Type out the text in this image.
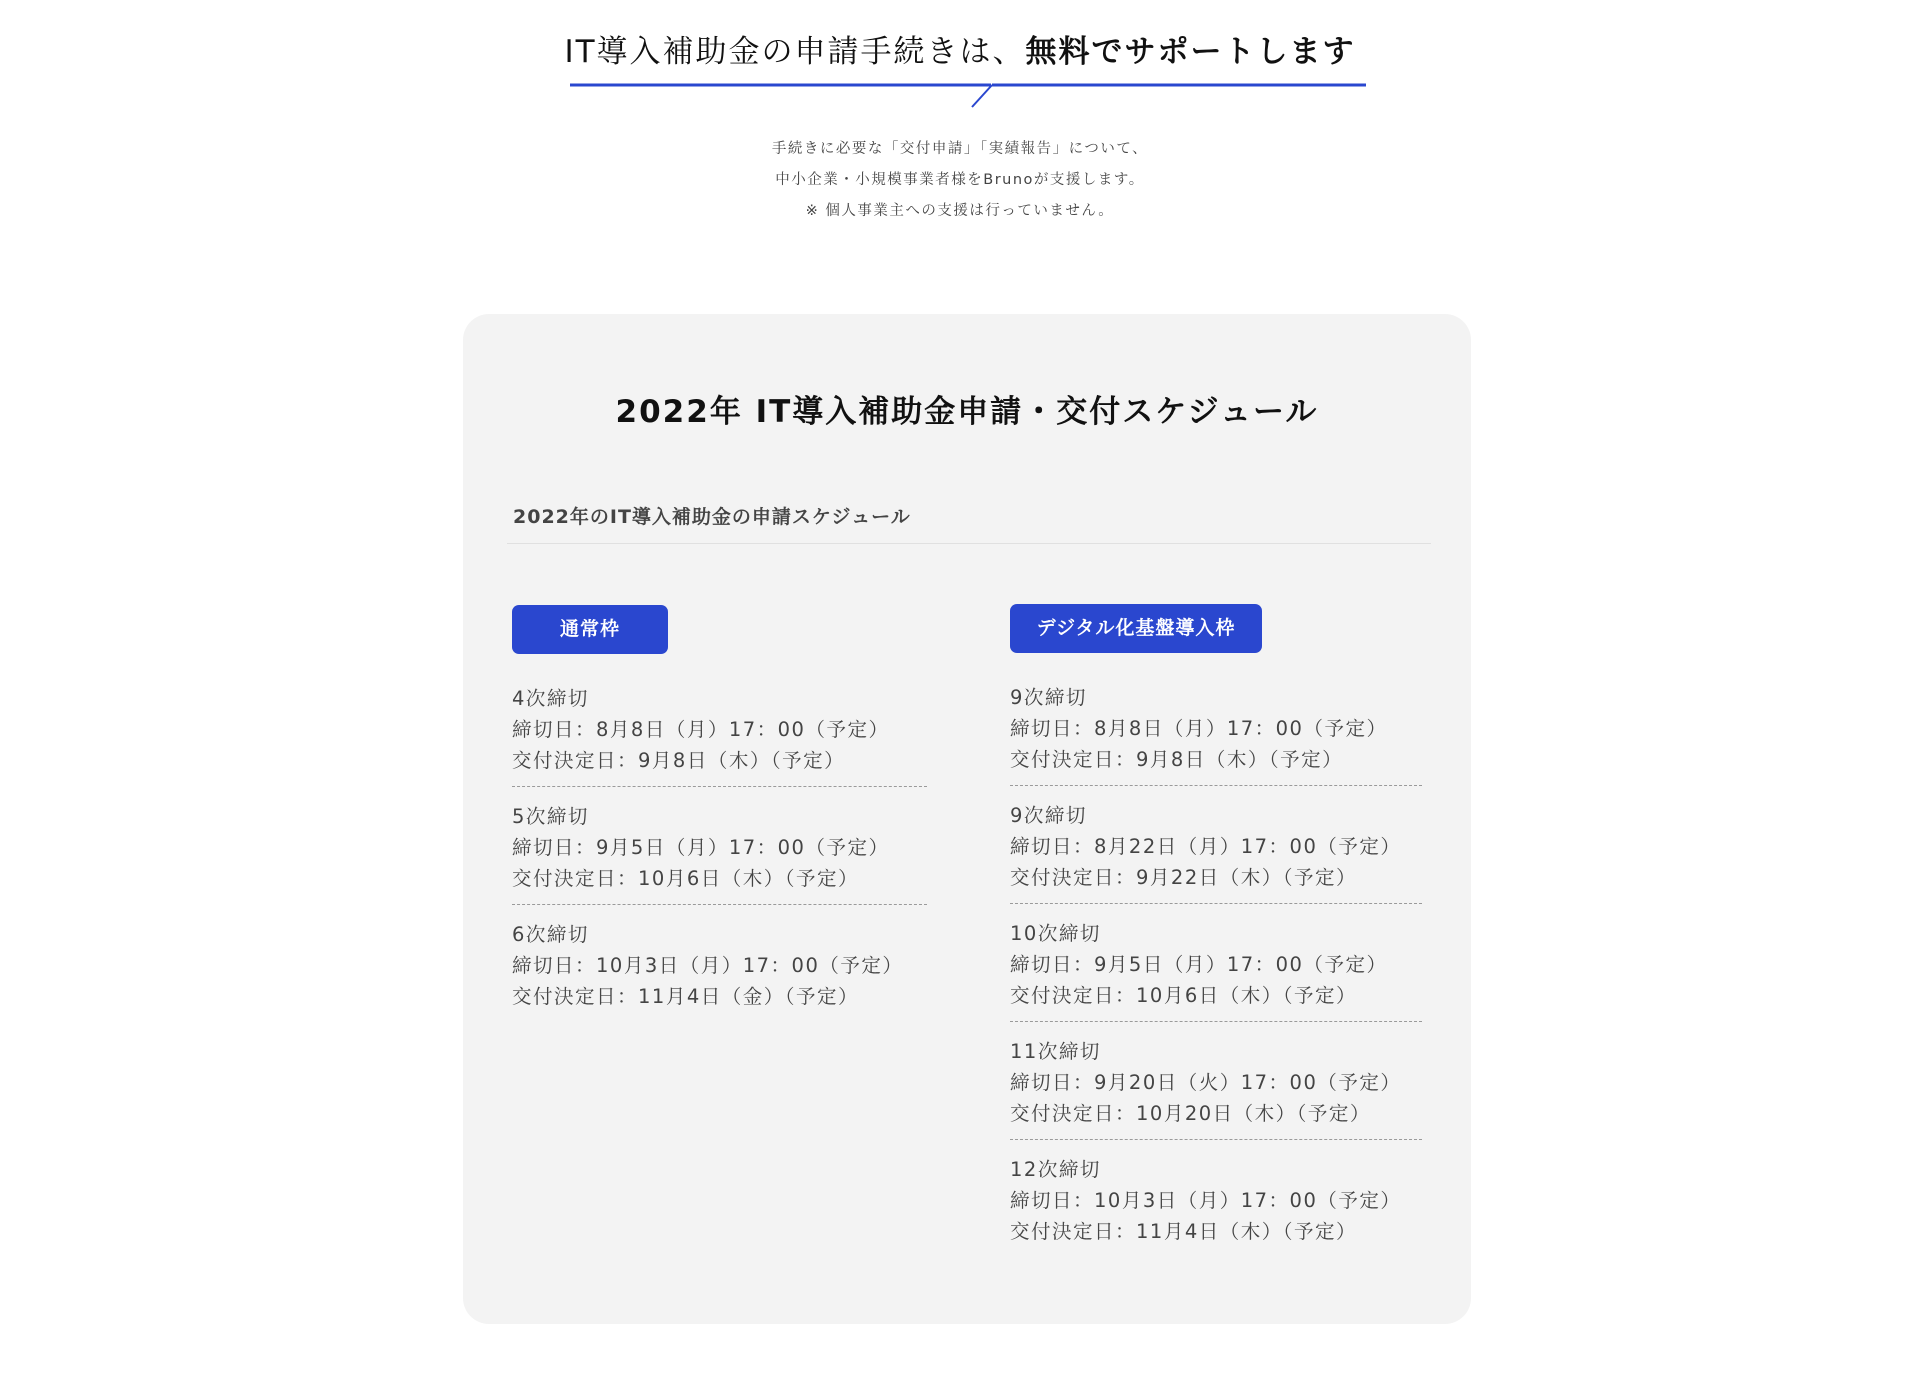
IT導入補助金の申請手続きは、無料でサポートします
手続きに必要な「交付申請」「実績報告」について、
中小企業・小規模事業者様をBrunoが支援します。
※ 個人事業主への支援は行っていません。
2022年 IT導入補助金申請・交付スケジュール
2022年のIT導入補助金の申請スケジュール
通常枠
4次締切
締切日：8月8日（月）17：00（予定）
交付決定日：9月8日（木）（予定）
5次締切
締切日：9月5日（月）17：00（予定）
交付決定日：10月6日（木）（予定）
6次締切
締切日：10月3日（月）17：00（予定）
交付決定日：11月4日（金）（予定）
デジタル化基盤導入枠
9次締切
締切日：8月8日（月）17：00（予定）
交付決定日：9月8日（木）（予定）
9次締切
締切日：8月22日（月）17：00（予定）
交付決定日：9月22日（木）（予定）
10次締切
締切日：9月5日（月）17：00（予定）
交付決定日：10月6日（木）（予定）
11次締切
締切日：9月20日（火）17：00（予定）
交付決定日：10月20日（木）（予定）
12次締切
締切日：10月3日（月）17：00（予定）
交付決定日：11月4日（木）（予定）
